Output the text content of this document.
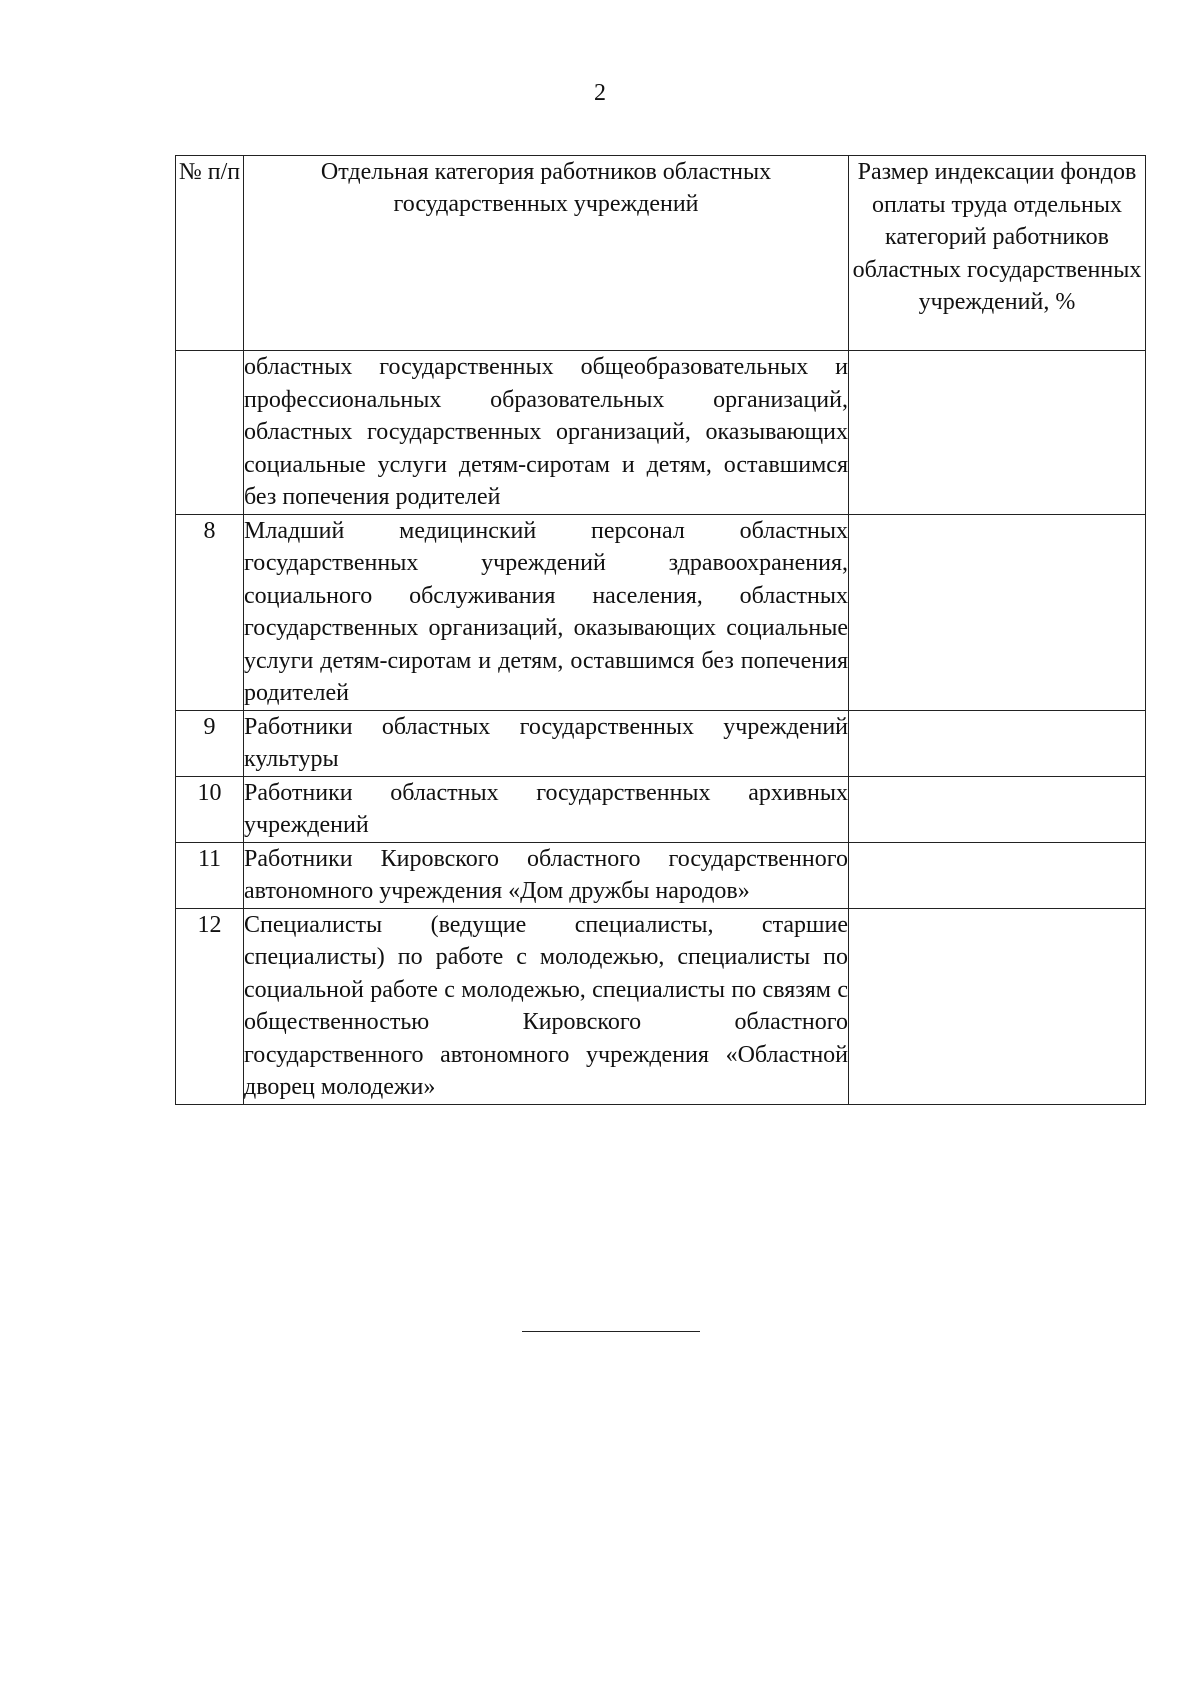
2
№ п/п	Отдельная категория работников областных государственных учреждений	Размер индексации фондов оплаты труда отдельных категорий работников областных государственных учреждений, %
	областных государственных общеобразовательных и профессиональных образовательных организаций, областных государственных организаций, оказывающих социальные услуги детям-сиротам и детям, оставшимся без попечения родителей	
8	Младший медицинский персонал областных государственных учреждений здравоохранения, социального обслуживания населения, областных государственных организаций, оказывающих социальные услуги детям-сиротам и детям, оставшимся без попечения родителей	
9	Работники областных государственных учреждений культуры	
10	Работники областных государственных архивных учреждений	
11	Работники Кировского областного государственного автономного учреждения «Дом дружбы народов»	
12	Специалисты (ведущие специалисты, старшие специалисты) по работе с молодежью, специалисты по социальной работе с молодежью, специалисты по связям с общественностью Кировского областного государственного автономного учреждения «Областной дворец молодежи»	
